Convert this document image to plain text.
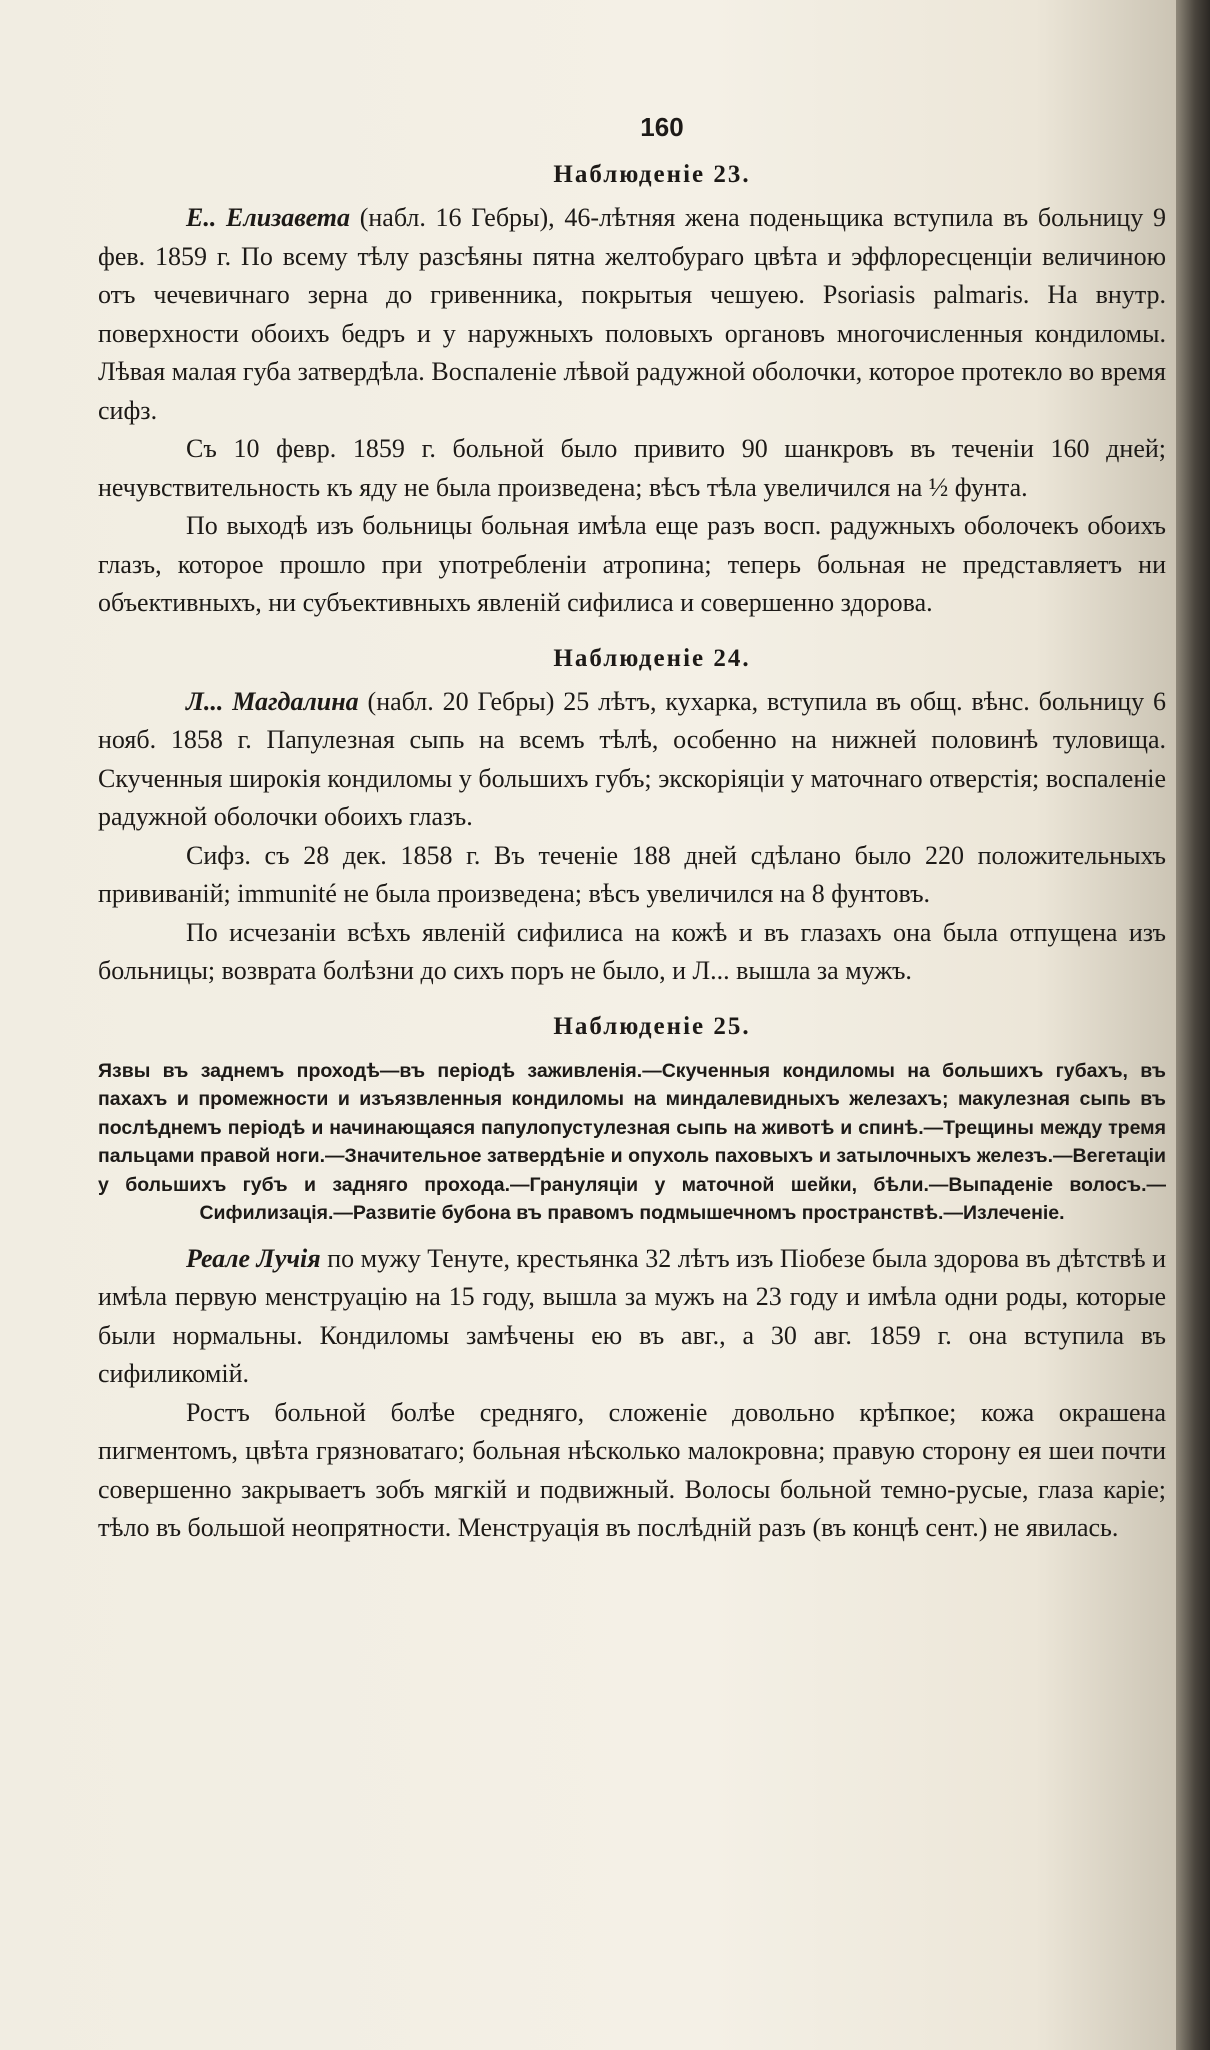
160
Наблюденіе 23.

Е.. Елизавета (набл. 16 Гебры), 46-лѣтняя жена поденьщика вступила въ больницу 9 фев. 1859 г. По всему тѣлу разсѣяны пятна желтобураго цвѣта и эффлоресценціи величиною отъ чечевичнаго зерна до гривенника, покрытыя чешуею. Psoriasis palmaris. На внутр. поверхности обоихъ бедръ и у наружныхъ половыхъ органовъ многочисленныя кондиломы. Лѣвая малая губа затвердѣла. Воспаленіе лѣвой радужной оболочки, которое протекло во время сифз.

Съ 10 февр. 1859 г. больной было привито 90 шанкровъ въ теченіи 160 дней; нечувствительность къ яду не была произведена; вѣсъ тѣла увеличился на ½ фунта.

По выходѣ изъ больницы больная имѣла еще разъ восп. радужныхъ оболочекъ обоихъ глазъ, которое прошло при употребленіи атропина; теперь больная не представляетъ ни объективныхъ, ни субъективныхъ явленій сифилиса и совершенно здорова.

Наблюденіе 24.

Л... Магдалина (набл. 20 Гебры) 25 лѣтъ, кухарка, вступила въ общ. вѣнс. больницу 6 нояб. 1858 г. Папулезная сыпь на всемъ тѣлѣ, особенно на нижней половинѣ туловища. Скученныя широкія кондиломы у большихъ губъ; экскоріяціи у маточнаго отверстія; воспаленіе радужной оболочки обоихъ глазъ.

Сифз. съ 28 дек. 1858 г. Въ теченіе 188 дней сдѣлано было 220 положительныхъ прививаній; immunité не была произведена; вѣсъ увеличился на 8 фунтовъ.

По исчезаніи всѣхъ явленій сифилиса на кожѣ и въ глазахъ она была отпущена изъ больницы; возврата болѣзни до сихъ поръ не было, и Л... вышла за мужъ.

Наблюденіе 25.
Язвы въ заднемъ проходѣ—въ періодѣ заживленія.—Скученныя кондиломы на большихъ губахъ, въ пахахъ и промежности и изъязвленныя кондиломы на миндалевидныхъ железахъ; макулезная сыпь въ послѣднемъ періодѣ и начинающаяся папулопустулезная сыпь на животѣ и спинѣ.—Трещины между тремя пальцами правой ноги.—Значительное затвердѣніе и опухоль паховыхъ и затылочныхъ железъ.—Вегетаціи у большихъ губъ и задняго прохода.—Грануляціи у маточной шейки, бѣли.—Выпаденіе волосъ.—Сифилизація.—Развитіе бубона въ правомъ подмышечномъ пространствѣ.—Излеченіе.

Реале Лучія по мужу Тенуте, крестьянка 32 лѣтъ изъ Піобезе была здорова въ дѣтствѣ и имѣла первую менструацію на 15 году, вышла за мужъ на 23 году и имѣла одни роды, которые были нормальны. Кондиломы замѣчены ею въ авг., а 30 авг. 1859 г. она вступила въ сифиликомій.

Ростъ больной болѣе средняго, сложеніе довольно крѣпкое; кожа окрашена пигментомъ, цвѣта грязноватаго; больная нѣсколько малокровна; правую сторону ея шеи почти совершенно закрываетъ зобъ мягкій и подвижный. Волосы больной темно-русые, глаза каріе; тѣло въ большой неопрятности. Менструація въ послѣдній разъ (въ концѣ сент.) не явилась.
